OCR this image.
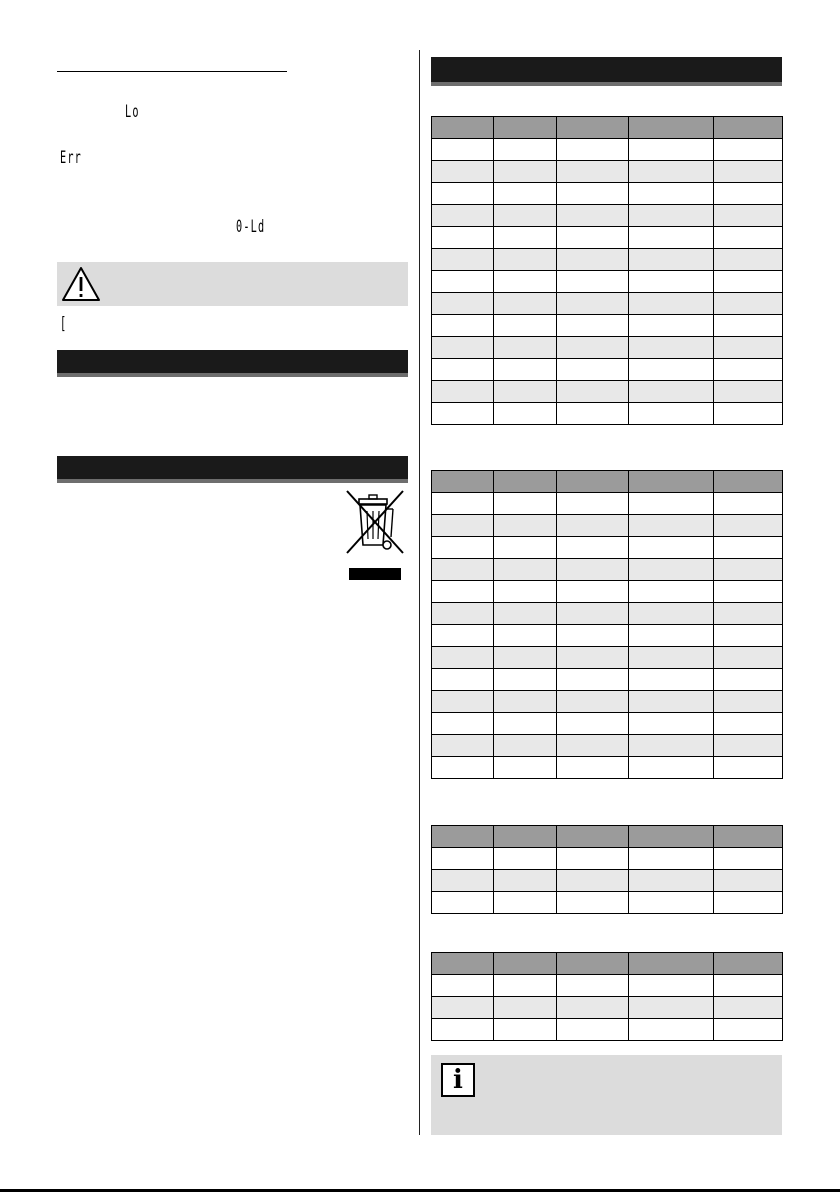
Lo
Err
0-Ld
[

i
